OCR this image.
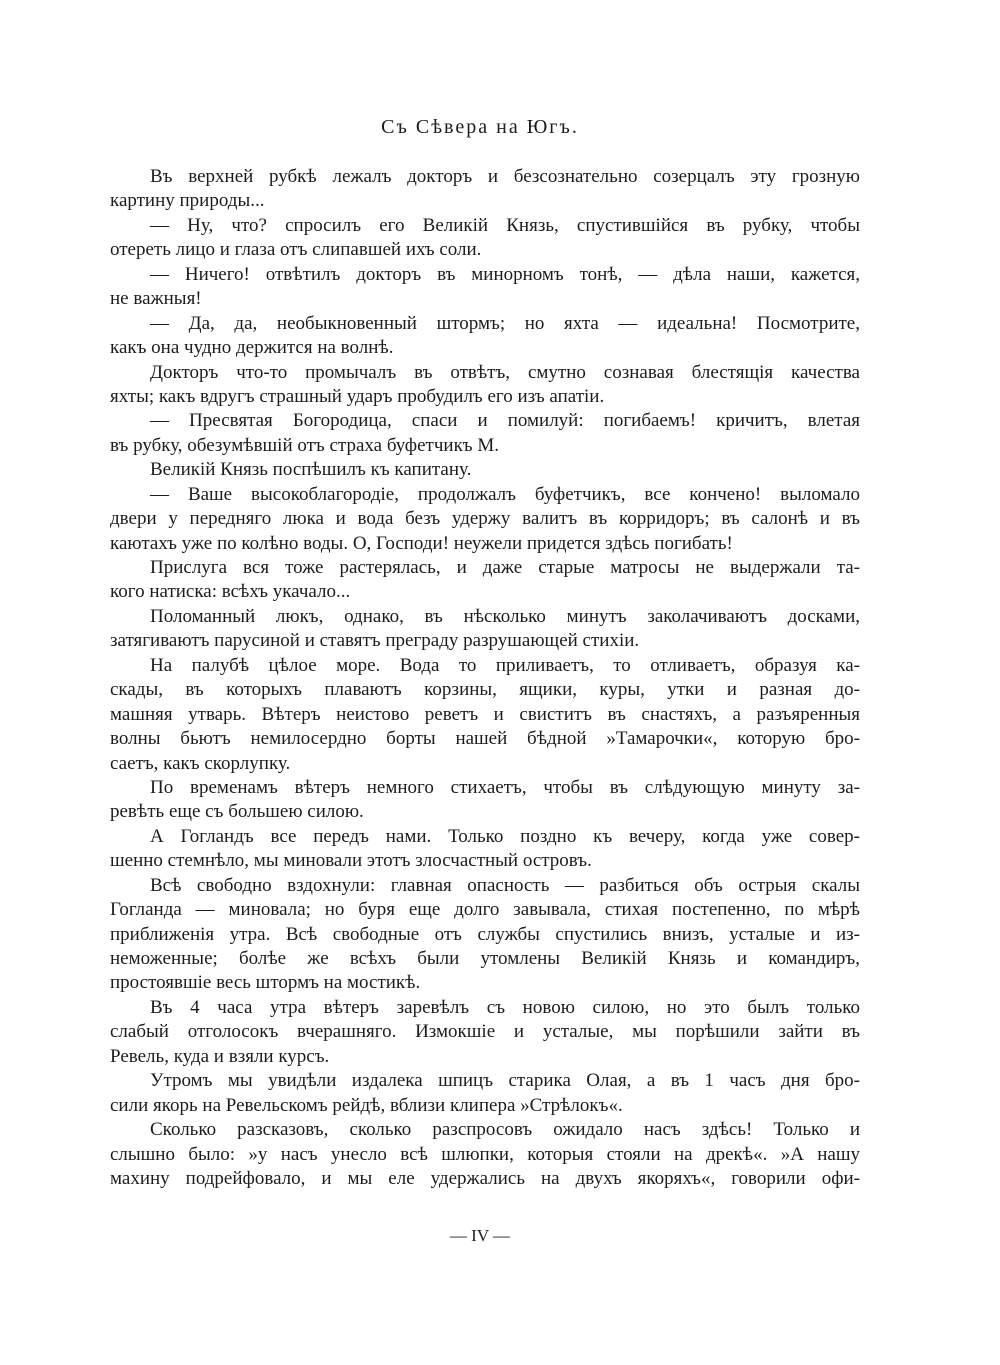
Съ Сѣвера на Югъ.
Въ верхней рубкѣ лежалъ докторъ и безсознательно созерцалъ эту грозную
картину природы...
— Ну, что? спросилъ его Великій Князь, спустившійся въ рубку, чтобы
отереть лицо и глаза отъ слипавшей ихъ соли.
— Ничего! отвѣтилъ докторъ въ минорномъ тонѣ, — дѣла наши, кажется,
не важныя!
— Да, да, необыкновенный штормъ; но яхта — идеальна! Посмотрите,
какъ она чудно держится на волнѣ.
Докторъ что-то промычалъ въ отвѣтъ, смутно сознавая блестящія качества
яхты; какъ вдругъ страшный ударъ пробудилъ его изъ апатіи.
— Пресвятая Богородица, спаси и помилуй: погибаемъ! кричитъ, влетая
въ рубку, обезумѣвшій отъ страха буфетчикъ М.
Великій Князь поспѣшилъ къ капитану.
— Ваше высокоблагородіе, продолжалъ буфетчикъ, все кончено! выломало
двери у передняго люка и вода безъ удержу валитъ въ корридоръ; въ салонѣ и въ
каютахъ уже по колѣно воды. О, Господи! неужели придется здѣсь погибать!
Прислуга вся тоже растерялась, и даже старые матросы не выдержали та-
кого натиска: всѣхъ укачало...
Поломанный люкъ, однако, въ нѣсколько минутъ заколачиваютъ досками,
затягиваютъ парусиной и ставятъ преграду разрушающей стихіи.
На палубѣ цѣлое море. Вода то приливаетъ, то отливаетъ, образуя ка-
скады, въ которыхъ плаваютъ корзины, ящики, куры, утки и разная до-
машняя утварь. Вѣтеръ неистово реветъ и свиститъ въ снастяхъ, а разъяренныя
волны бьютъ немилосердно борты нашей бѣдной »Тамарочки«, которую бро-
саетъ, какъ скорлупку.
По временамъ вѣтеръ немного стихаетъ, чтобы въ слѣдующую минуту за-
ревѣть еще съ большею силою.
А Гогландъ все передъ нами. Только поздно къ вечеру, когда уже совер-
шенно стемнѣло, мы миновали этотъ злосчастный островъ.
Всѣ свободно вздохнули: главная опасность — разбиться объ острыя скалы
Гогланда — миновала; но буря еще долго завывала, стихая постепенно, по мѣрѣ
приближенія утра. Всѣ свободные отъ службы спустились внизъ, усталые и из-
неможенные; болѣе же всѣхъ были утомлены Великій Князь и командиръ,
простоявшіе весь штормъ на мостикѣ.
Въ 4 часа утра вѣтеръ заревѣлъ съ новою силою, но это былъ только
слабый отголосокъ вчерашняго. Измокшіе и усталые, мы порѣшили зайти въ
Ревель, куда и взяли курсъ.
Утромъ мы увидѣли издалека шпицъ старика Олая, а въ 1 часъ дня бро-
сили якорь на Ревельскомъ рейдѣ, вблизи клипера »Стрѣлокъ«.
Сколько разсказовъ, сколько разспросовъ ожидало насъ здѣсь! Только и
слышно было: »у насъ унесло всѣ шлюпки, которыя стояли на дрекѣ«. »А нашу
махину подрейфовало, и мы еле удержались на двухъ якоряхъ«, говорили офи-
— IV —
